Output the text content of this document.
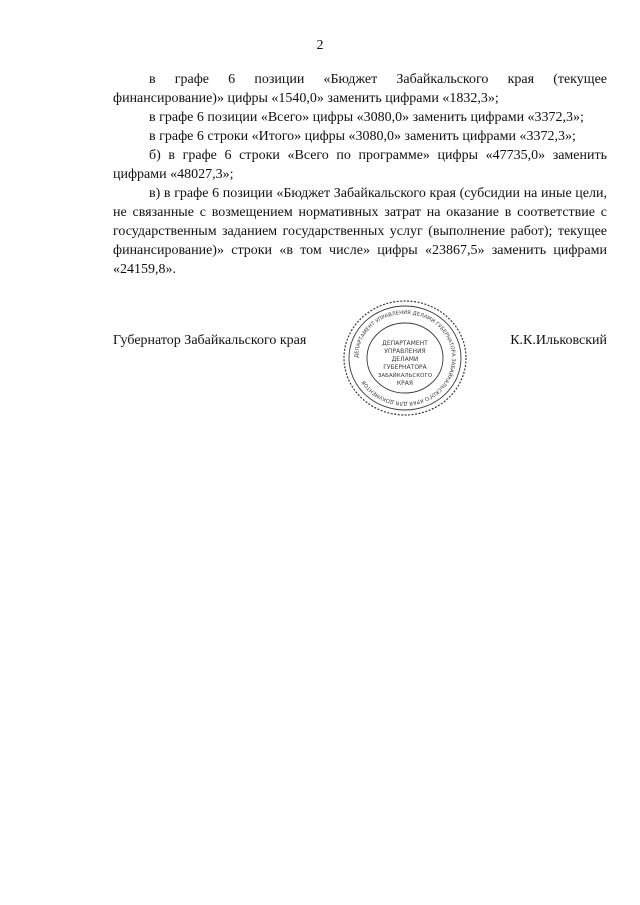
2

в графе 6 позиции «Бюджет Забайкальского края (текущее финансирование)» цифры «1540,0» заменить цифрами «1832,3»;

в графе 6 позиции «Всего» цифры «3080,0» заменить цифрами «3372,3»;

в графе 6 строки «Итого» цифры «3080,0» заменить цифрами «3372,3»;

б) в графе 6 строки «Всего по программе» цифры «47735,0» заменить цифрами «48027,3»;

в) в графе 6 позиции «Бюджет Забайкальского края (субсидии на иные цели, не связанные с возмещением нормативных затрат на оказание в соответствие с государственным заданием государственных услуг (выполнение работ); текущее финансирование)» строки «в том числе» цифры «23867,5» заменить цифрами «24159,8».

Губернатор Забайкальского края	К.К.Ильковский
ДЕПАРТАМЕНТ УПРАВЛЕНИЯ ДЕЛАМИ ГУБЕРНАТОРА ЗАБАЙКАЛЬСКОГО КРАЯ ДЛЯ ДОКУМЕНТОВ
ДЕПАРТАМЕНТ
УПРАВЛЕНИЯ
ДЕЛАМИ
ГУБЕРНАТОРА
ЗАБАЙКАЛЬСКОГО
КРАЯ
